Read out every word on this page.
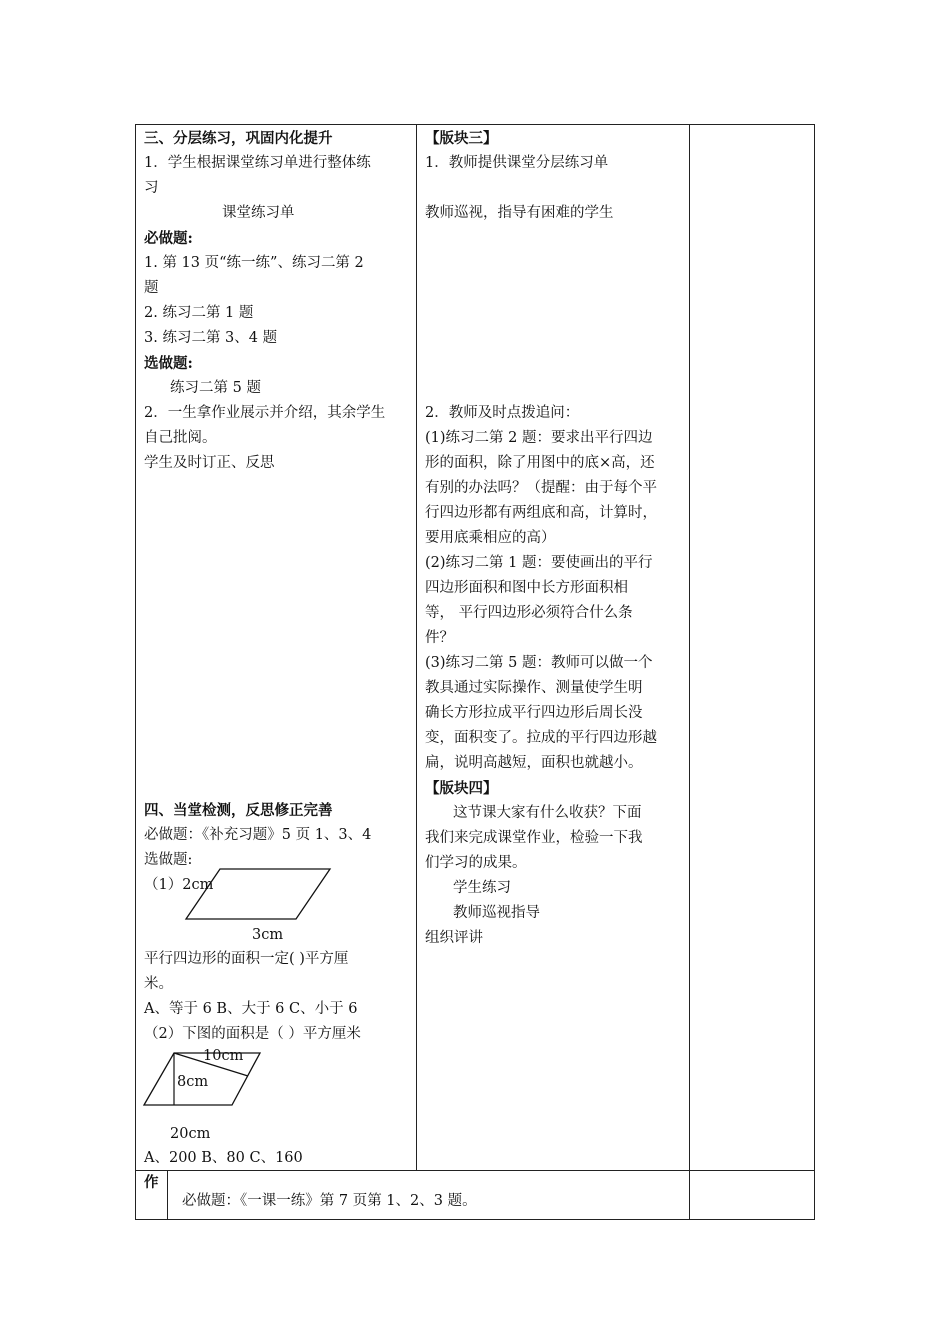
三、分层练习，巩固内化提升

1．学生根据课堂练习单进行整体练

习

课堂练习单

必做题:

1. 第 13 页“练一练”、练习二第 2

题

2. 练习二第 1 题

3. 练习二第 3、4 题

选做题:

练习二第 5 题

2．一生拿作业展示并介绍，其余学生

自己批阅。

学生及时订正、反思

四、当堂检测，反思修正完善

必做题：《补充习题》5 页 1、3、4

选做题:

（1）2cm

3cm

平行四边形的面积一定( )平方厘

米。

A、等于 6 B、大于 6 C、小于 6

（2）下图的面积是（ ）平方厘米

10cm

8cm

20cm

A、200 B、80 C、160

【版块三】

1．教师提供课堂分层练习单

教师巡视，指导有困难的学生

2．教师及时点拨追问：

(1)练习二第 2 题：要求出平行四边

形的面积，除了用图中的底×高，还

有别的办法吗？（提醒：由于每个平

行四边形都有两组底和高，计算时，

要用底乘相应的高）

(2)练习二第 1 题：要使画出的平行

四边形面积和图中长方形面积相

等， 平行四边形必须符合什么条

件？

(3)练习二第 5 题：教师可以做一个

教具通过实际操作、测量使学生明

确长方形拉成平行四边形后周长没

变，面积变了。拉成的平行四边形越

扁，说明高越短，面积也就越小。

【版块四】

这节课大家有什么收获？下面

我们来完成课堂作业，检验一下我

们学习的成果。

学生练习

教师巡视指导

组织评讲

作

必做题：《一课一练》第 7 页第 1、2、3 题。
